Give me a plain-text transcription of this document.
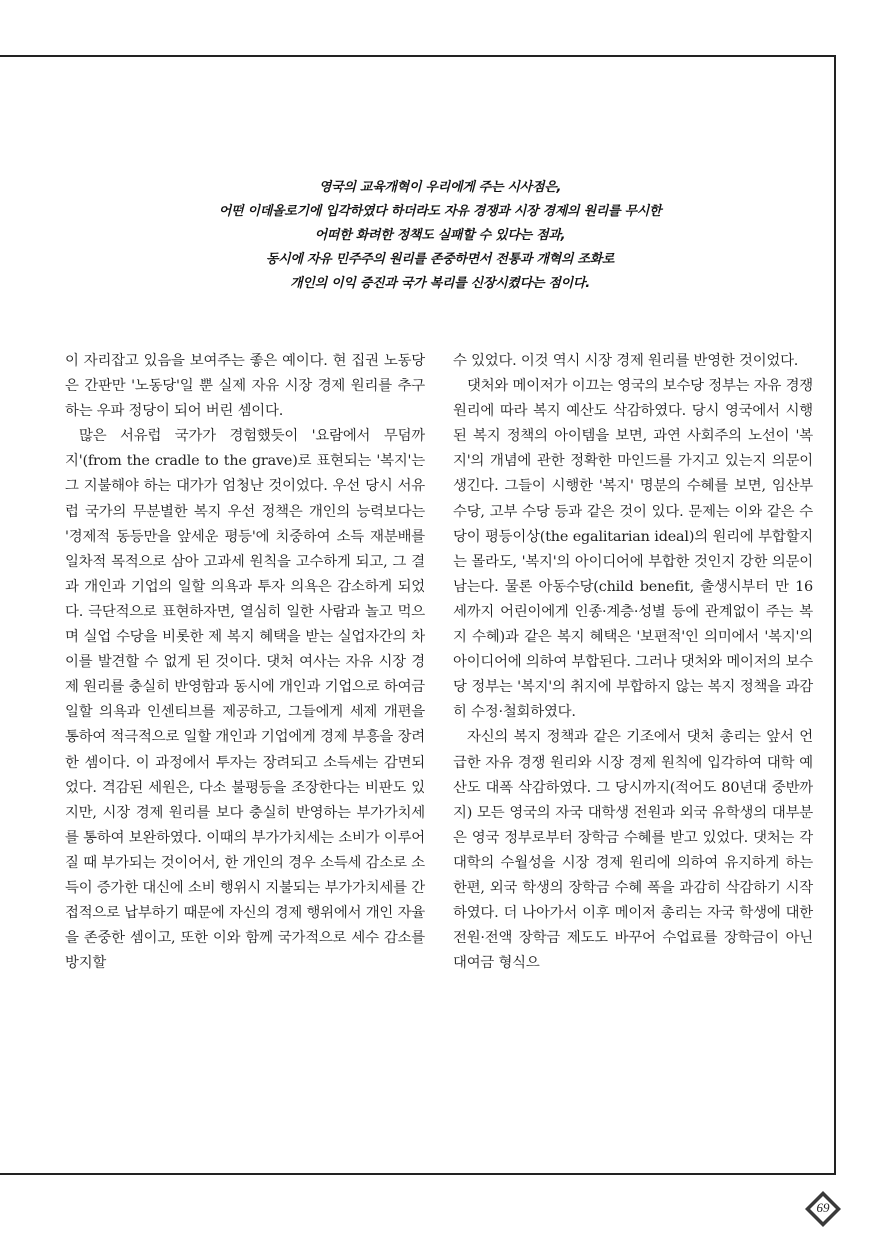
영국의 교육개혁이 우리에게 주는 시사점은,
어떤 이데올로기에 입각하였다 하더라도 자유 경쟁과 시장 경제의 원리를 무시한
어떠한 화려한 정책도 실패할 수 있다는 점과,
동시에 자유 민주주의 원리를 존중하면서 전통과 개혁의 조화로
개인의 이익 증진과 국가 복리를 신장시켰다는 점이다.

이 자리잡고 있음을 보여주는 좋은 예이다. 현 집권 노동당은 간판만 '노동당'일 뿐 실제 자유 시장 경제 원리를 추구하는 우파 정당이 되어 버린 셈이다.

많은 서유럽 국가가 경험했듯이 '요람에서 무덤까지'(from the cradle to the grave)로 표현되는 '복지'는 그 지불해야 하는 대가가 엄청난 것이었다. 우선 당시 서유럽 국가의 무분별한 복지 우선 정책은 개인의 능력보다는 '경제적 동등만을 앞세운 평등'에 치중하여 소득 재분배를 일차적 목적으로 삼아 고과세 원칙을 고수하게 되고, 그 결과 개인과 기업의 일할 의욕과 투자 의욕은 감소하게 되었다. 극단적으로 표현하자면, 열심히 일한 사람과 놀고 먹으며 실업 수당을 비롯한 제 복지 혜택을 받는 실업자간의 차이를 발견할 수 없게 된 것이다. 댓처 여사는 자유 시장 경제 원리를 충실히 반영함과 동시에 개인과 기업으로 하여금 일할 의욕과 인센티브를 제공하고, 그들에게 세제 개편을 통하여 적극적으로 일할 개인과 기업에게 경제 부흥을 장려한 셈이다. 이 과정에서 투자는 장려되고 소득세는 감면되었다. 격감된 세원은, 다소 불평등을 조장한다는 비판도 있지만, 시장 경제 원리를 보다 충실히 반영하는 부가가치세를 통하여 보완하였다. 이때의 부가가치세는 소비가 이루어질 때 부가되는 것이어서, 한 개인의 경우 소득세 감소로 소득이 증가한 대신에 소비 행위시 지불되는 부가가치세를 간접적으로 납부하기 때문에 자신의 경제 행위에서 개인 자율을 존중한 셈이고, 또한 이와 함께 국가적으로 세수 감소를 방지할

수 있었다. 이것 역시 시장 경제 원리를 반영한 것이었다.

댓처와 메이저가 이끄는 영국의 보수당 정부는 자유 경쟁 원리에 따라 복지 예산도 삭감하였다. 당시 영국에서 시행된 복지 정책의 아이템을 보면, 과연 사회주의 노선이 '복지'의 개념에 관한 정확한 마인드를 가지고 있는지 의문이 생긴다. 그들이 시행한 '복지' 명분의 수혜를 보면, 임산부 수당, 고부 수당 등과 같은 것이 있다. 문제는 이와 같은 수당이 평등이상(the egalitarian ideal)의 원리에 부합할지는 몰라도, '복지'의 아이디어에 부합한 것인지 강한 의문이 남는다. 물론 아동수당(child benefit, 출생시부터 만 16세까지 어린이에게 인종·계층·성별 등에 관계없이 주는 복지 수혜)과 같은 복지 혜택은 '보편적'인 의미에서 '복지'의 아이디어에 의하여 부합된다. 그러나 댓처와 메이저의 보수당 정부는 '복지'의 취지에 부합하지 않는 복지 정책을 과감히 수정·철회하였다.

자신의 복지 정책과 같은 기조에서 댓처 총리는 앞서 언급한 자유 경쟁 원리와 시장 경제 원칙에 입각하여 대학 예산도 대폭 삭감하였다. 그 당시까지(적어도 80년대 중반까지) 모든 영국의 자국 대학생 전원과 외국 유학생의 대부분은 영국 정부로부터 장학금 수혜를 받고 있었다. 댓처는 각 대학의 수월성을 시장 경제 원리에 의하여 유지하게 하는 한편, 외국 학생의 장학금 수혜 폭을 과감히 삭감하기 시작하였다. 더 나아가서 이후 메이저 총리는 자국 학생에 대한 전원·전액 장학금 제도도 바꾸어 수업료를 장학금이 아닌 대여금 형식으

69
